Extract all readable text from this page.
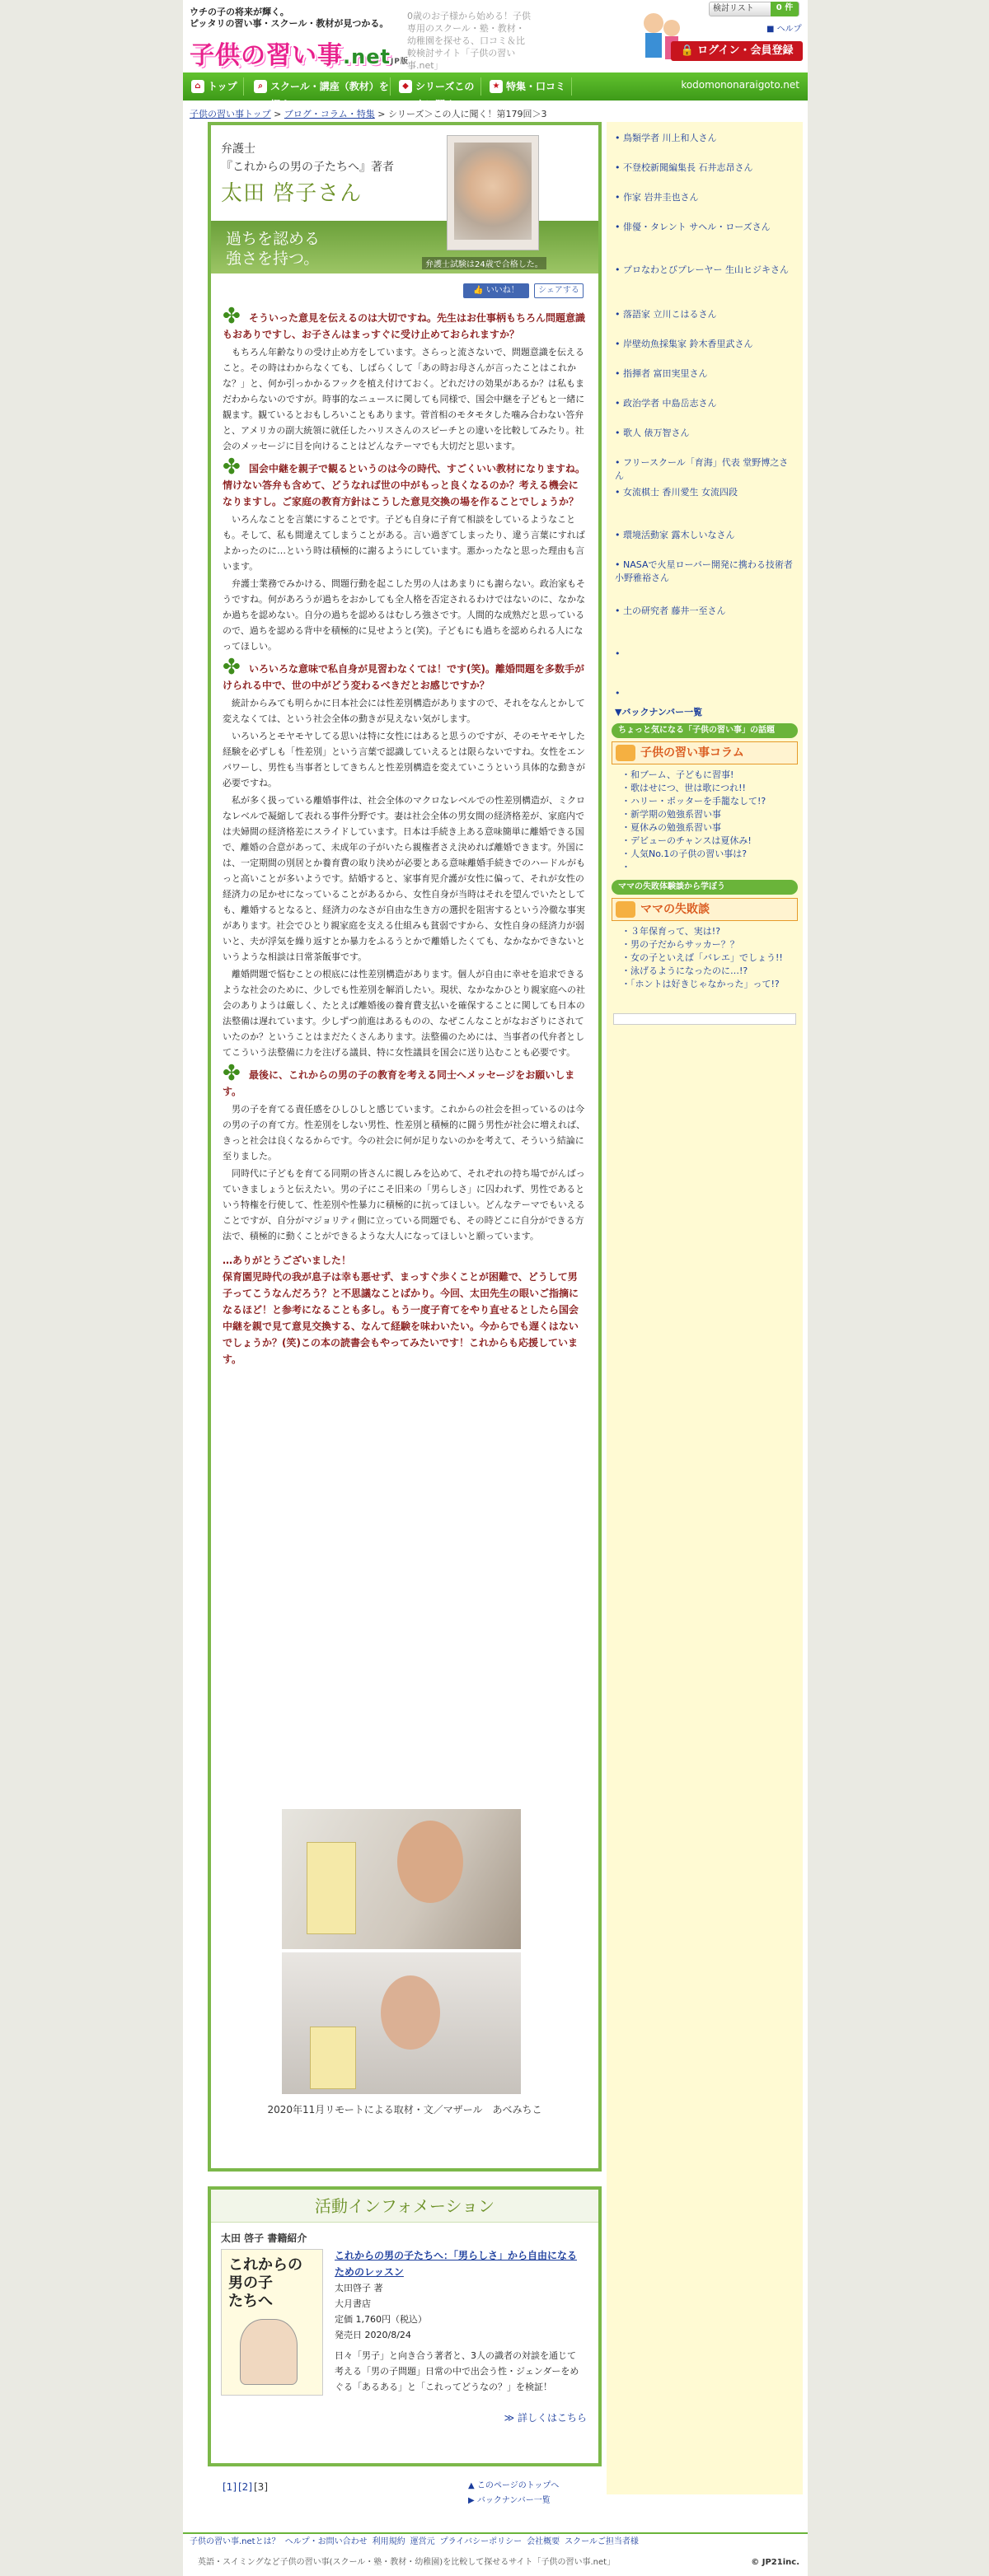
ウチの子の将来が輝く。
ピッタリの習い事・スクール・教材が見つかる。
子供の習い事.netJP版
0歳のお子様から始める！子供専用のスクール・塾・教材・幼稚園を探せる、口コミ＆比較検討サイト「子供の習い事.net」
検討リスト	0 件
■ ヘルプ
🔒 ログイン・会員登録
⌂ トップ	⌕ スクール・講座（教材）を探す
◆ シリーズこの人に聞く
★ 特集・口コミ	kodomononaraigoto.net
子供の習い事トップ > ブログ・コラム・特集 > シリーズ＞この人に聞く！第179回＞3
弁護士
『これからの男の子たちへ』著者
太田 啓子さん
過ちを認める
強さを持つ。	弁護士試験は24歳で合格した。
👍 いいね！	シェアする
✤ そういった意見を伝えるのは大切ですね。先生はお仕事柄もちろん問題意識もおありですし、お子さんはまっすぐに受け止めておられますか？
もちろん年齢なりの受け止め方をしています。さらっと流さないで、問題意識を伝えること。その時はわからなくても、しばらくして「あの時お母さんが言ったことはこれかな？」と、何か引っかかるフックを植え付けておく。どれだけの効果があるか？は私もまだわからないのですが。時事的なニュースに関しても同様で、国会中継を子どもと一緒に観ます。観ているとおもしろいこともあります。菅首相のモタモタした噛み合わない答弁と、アメリカの副大統領に就任したハリスさんのスピーチとの違いを比較してみたり。社会のメッセージに目を向けることはどんなテーマでも大切だと思います。
✤ 国会中継を親子で観るというのは今の時代、すごくいい教材になりますね。情けない答弁も含めて、どうなれば世の中がもっと良くなるのか？考える機会になりますし。ご家庭の教育方針はこうした意見交換の場を作ることでしょうか？
いろんなことを言葉にすることです。子ども自身に子育て相談をしているようなことも。そして、私も間違えてしまうことがある。言い過ぎてしまったり、違う言葉にすればよかったのに…という時は積極的に謝るようにしています。悪かったなと思った理由も言います。
弁護士業務でみかける、問題行動を起こした男の人はあまりにも謝らない。政治家もそうですね。何があろうが過ちをおかしても全人格を否定されるわけではないのに、なかなか過ちを認めない。自分の過ちを認めるはむしろ強さです。人間的な成熟だと思っているので、過ちを認める背中を積極的に見せようと(笑)。子どもにも過ちを認められる人になってほしい。
✤ いろいろな意味で私自身が見習わなくては！です(笑)。離婚問題を多数手がけられる中で、世の中がどう変わるべきだとお感じですか？
統計からみても明らかに日本社会には性差別構造がありますので、それをなんとかして変えなくては、という社会全体の動きが見えない気がします。
いろいろとモヤモヤしてる思いは特に女性にはあると思うのですが、そのモヤモヤした経験を必ずしも「性差別」という言葉で認識していえるとは限らないですね。女性をエンパワーし、男性も当事者としてきちんと性差別構造を変えていこうという具体的な動きが必要ですね。
私が多く扱っている離婚事件は、社会全体のマクロなレベルでの性差別構造が、ミクロなレベルで凝縮して表れる事件分野です。妻は社会全体の男女間の経済格差が、家庭内では夫婦間の経済格差にスライドしています。日本は手続き上ある意味簡単に離婚できる国で、離婚の合意があって、未成年の子がいたら親権者さえ決めれば離婚できます。外国には、一定期間の別居とか養育費の取り決めが必要とある意味離婚手続きでのハードルがもっと高いことが多いようです。結婚すると、家事育児介護が女性に偏って、それが女性の経済力の足かせになっていることがあるから、女性自身が当時はそれを望んでいたとしても、離婚するとなると、経済力のなさが自由な生き方の選択を阻害するという冷徹な事実があります。社会でひとり親家庭を支える仕組みも貧弱ですから、女性自身の経済力が弱いと、夫が浮気を繰り返すとか暴力をふるうとかで離婚したくても、なかなかできないというような相談は日常茶飯事です。
離婚問題で悩むことの根底には性差別構造があります。個人が自由に幸せを追求できるような社会のために、少しでも性差別を解消したい。現状、なかなかひとり親家庭への社会のありようは厳しく、たとえば離婚後の養育費支払いを確保することに関しても日本の法整備は遅れています。少しずつ前進はあるものの、なぜこんなことがなおざりにされていたのか？ということはまだたくさんあります。法整備のためには、当事者の代弁者としてこういう法整備に力を注げる議員、特に女性議員を国会に送り込むことも必要です。
✤ 最後に、これからの男の子の教育を考える同士へメッセージをお願いします。
男の子を育てる責任感をひしひしと感じています。これからの社会を担っているのは今の男の子の育て方。性差別をしない男性、性差別と積極的に闘う男性が社会に増えれば、きっと社会は良くなるからです。今の社会に何が足りないのかを考えて、そういう結論に至りました。
同時代に子どもを育てる同期の皆さんに親しみを込めて、それぞれの持ち場でがんばっていきましょうと伝えたい。男の子にこそ旧来の「男らしさ」に囚われず、男性であるという特権を行使して、性差別や性暴力に積極的に抗ってほしい。どんなテーマでもいえることですが、自分がマジョリティ側に立っている問題でも、その時どこに自分ができる方法で、積極的に動くことができるような大人になってほしいと願っています。
…ありがとうございました！
保育園児時代の我が息子は幸も悪せず、まっすぐ歩くことが困難で、どうして男子ってこうなんだろう？と不思議なことばかり。今回、太田先生の眼いご指摘になるほど！と参考になることも多し。もう一度子育てをやり直せるとしたら国会中継を親で見て意見交換する、なんて経験を味わいたい。今からでも遅くはないでしょうか？(笑)この本の読書会もやってみたいです！これからも応援しています。
2020年11月リモートによる取材・文／マザール　あべみちこ
活動インフォメーション
太田 啓子 書籍紹介
これからの
男の子
たちへ
これからの男の子たちへ：「男らしさ」から自由になるためのレッスン
太田啓子 著
大月書店
定価 1,760円（税込）
発売日 2020/8/24
日々「男子」と向き合う著者と、3人の識者の対談を通じて考える「男の子問題」日常の中で出会う性・ジェンダーをめぐる「あるある」と「これってどうなの？」を検証！
≫ 詳しくはこちら
[1] [2] [3]	▲ このページのトップへ
▶ バックナンバー一覧
• 鳥類学者 川上和人さん
• 不登校新聞編集長 石井志昂さん
• 作家 岩井圭也さん
• 俳優・タレント サヘル・ローズさん
• プロなわとびプレーヤー 生山ヒジキさん
• 落語家 立川こはるさん
• 岸壁幼魚採集家 鈴木香里武さん
• 指揮者 富田実里さん
• 政治学者 中島岳志さん
• 歌人 俵万智さん
• フリースクール「育海」代表 堂野博之さん
• 女流棋士 香川愛生 女流四段
• 環境活動家 露木しいなさん
• NASAで火星ローバー開発に携わる技術者 小野雅裕さん
• 土の研究者 藤井一至さん
•
•
▼バックナンバー一覧
ちょっと気になる「子供の習い事」の話題
子供の習い事コラム
・ 和ブーム、子どもに習事!
・ 歌はせにつ、世は歌につれ!!
・ ハリー・ポッターを手籠なして!?
・ 新学期の勉強系習い事
・ 夏休みの勉強系習い事
・ デビューのチャンスは夏休み!
・ 人気No.1の子供の習い事は?
・
ママの失敗体験談から学ぼう
ママの失敗談
・ ３年保育って、実は!?
・ 男の子だからサッカー？？
・ 女の子といえば「バレエ」でしょう!!
・ 泳げるようになったのに…!?
・ 「ホントは好きじゃなかった」って!?
子供の習い事.netとは？ ヘルプ・お問い合わせ 利用規約 運営元 プライバシーポリシー 会社概要 スクールご担当者様
英語・スイミングなど子供の習い事(スクール・塾・教材・幼稚園)を比較して探せるサイト「子供の習い事.net」	© JP21inc.
